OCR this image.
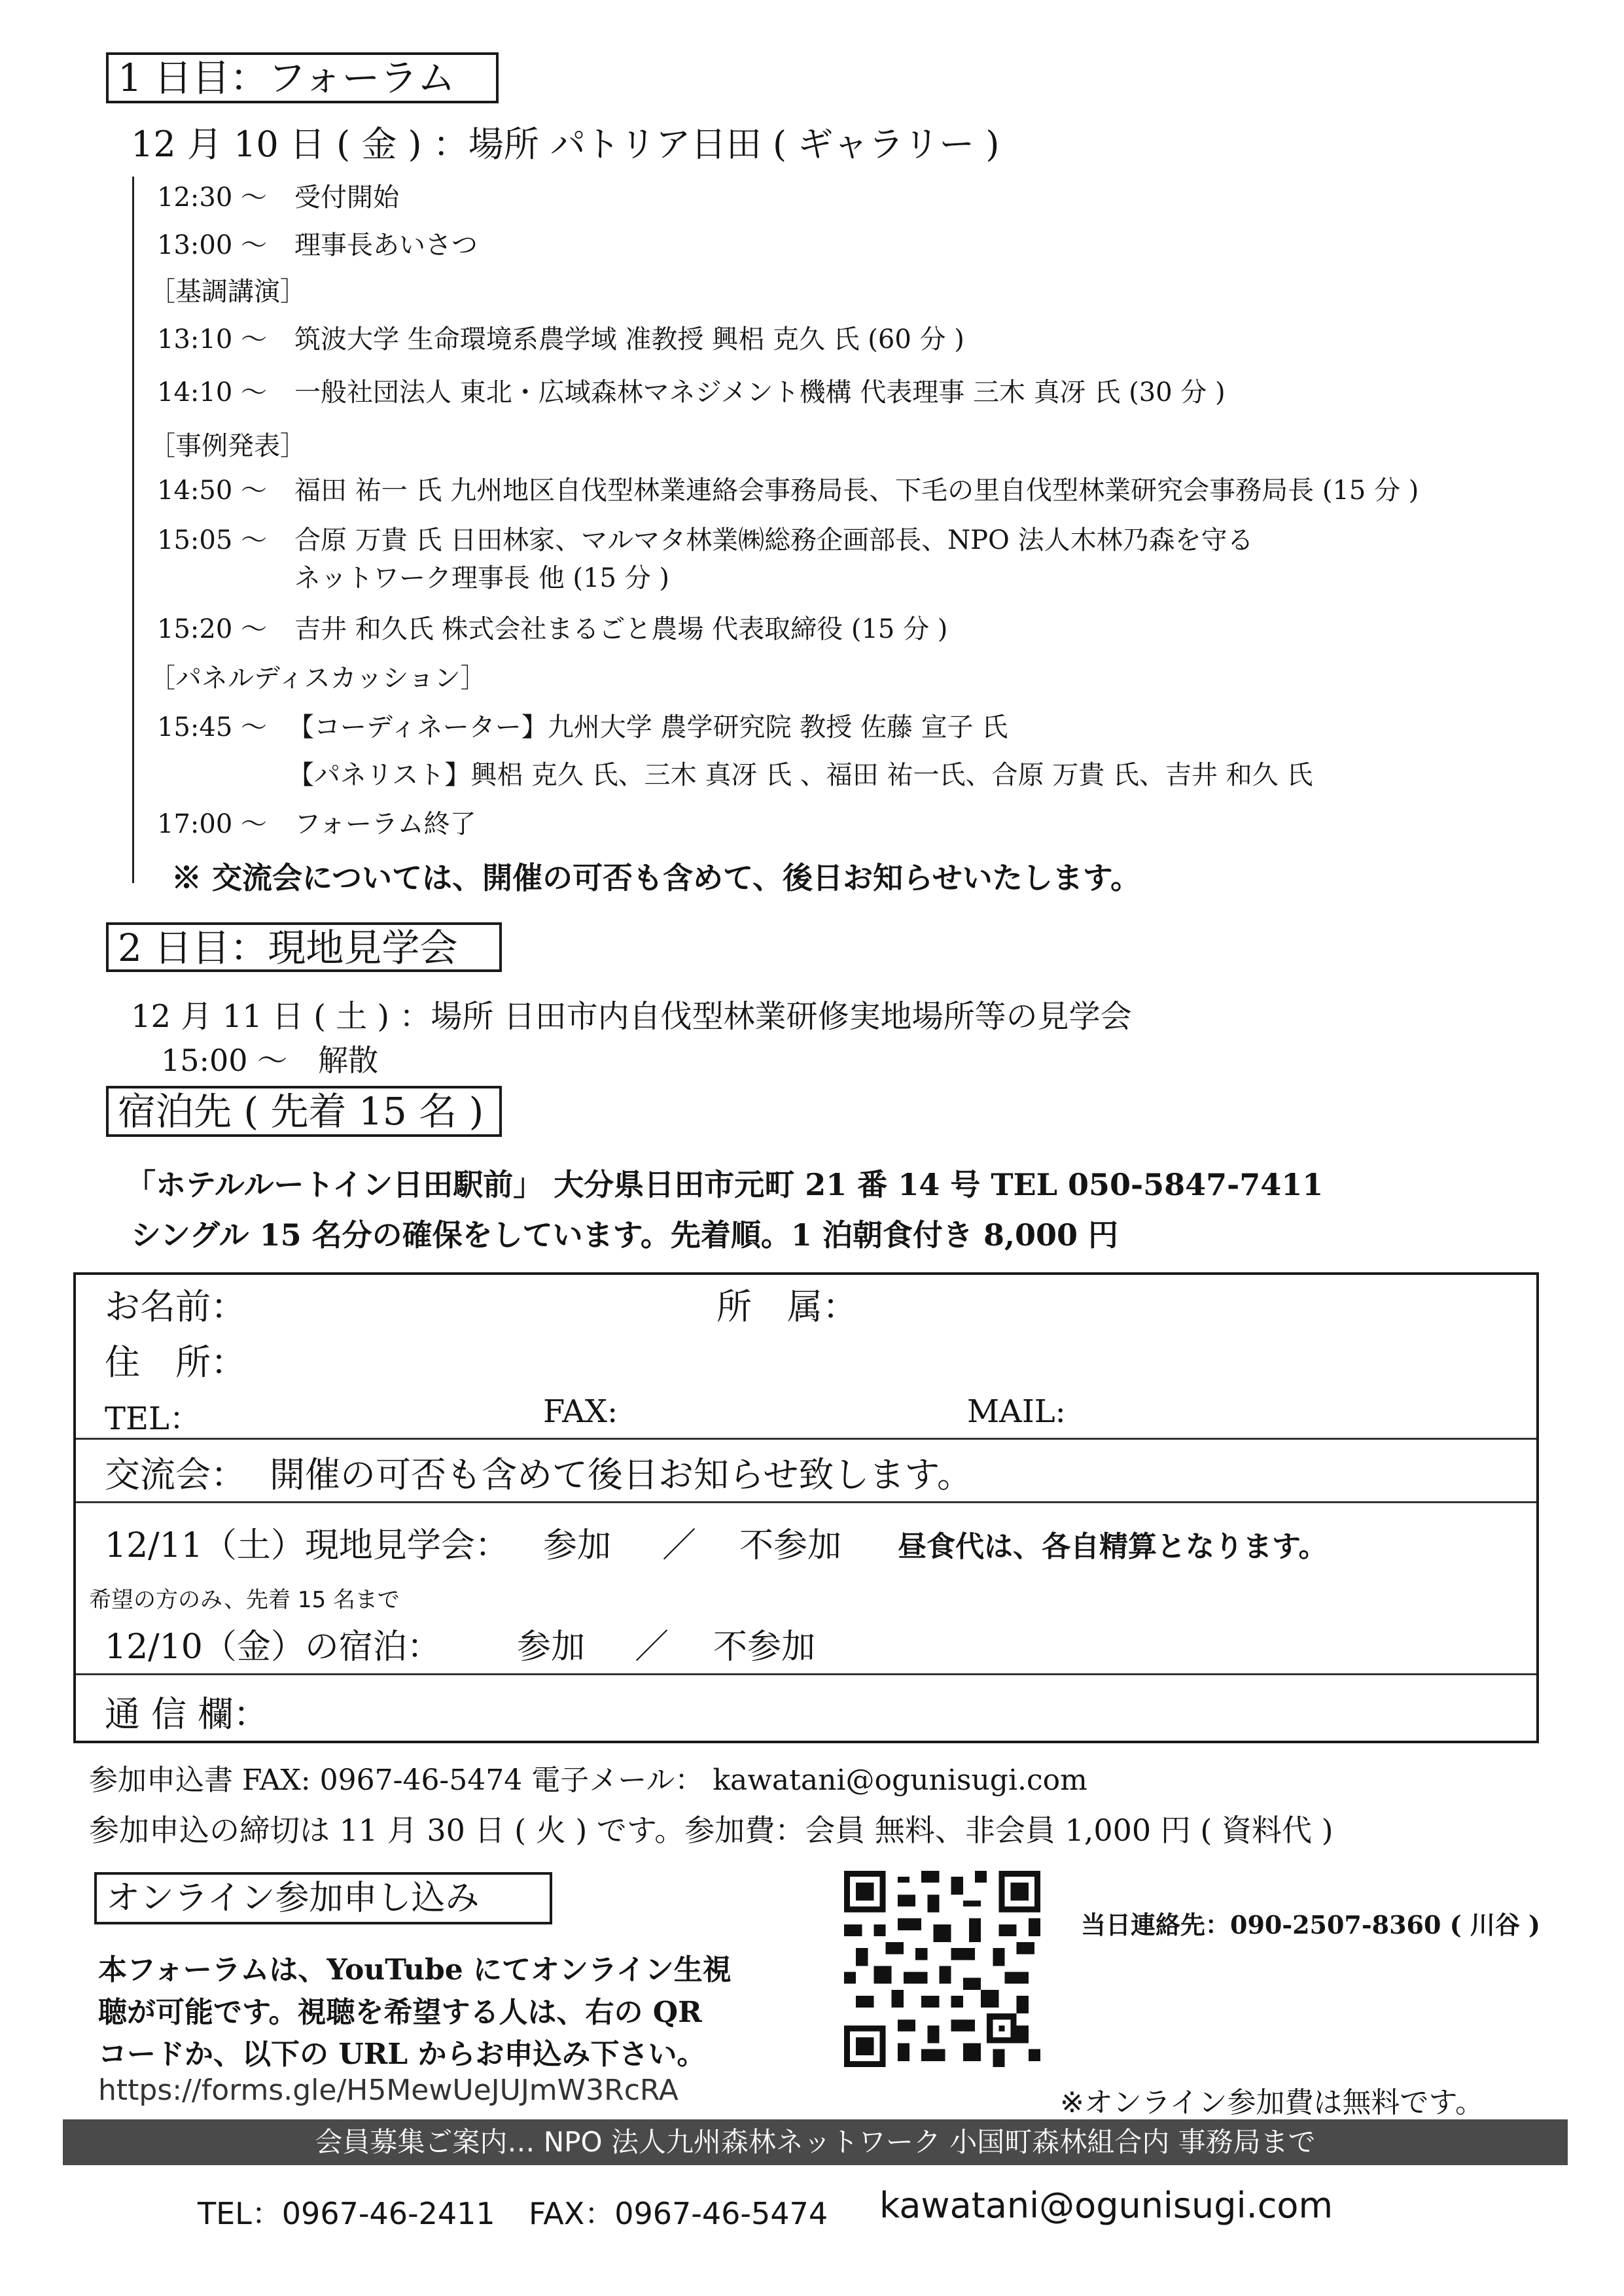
1 日目：フォーラム
12 月 10 日 ( 金 ) ：場所 パトリア日田 ( ギャラリー )
12:30 ～	受付開始
13:00 ～	理事長あいさつ
［基調講演］
13:10 ～	筑波大学 生命環境系農学域 准教授 興梠 克久 氏 (60 分 )
14:10 ～	一般社団法人 東北・広域森林マネジメント機構 代表理事 三木 真冴 氏 (30 分 )
［事例発表］
14:50 ～	福田 祐一 氏 九州地区自伐型林業連絡会事務局長、下毛の里自伐型林業研究会事務局長 (15 分 )
15:05 ～	合原 万貴 氏 日田林家、マルマタ林業㈱総務企画部長、NPO 法人木林乃森を守る
ネットワーク理事長 他 (15 分 )
15:20 ～	吉井 和久氏 株式会社まるごと農場 代表取締役 (15 分 )
［パネルディスカッション］
15:45 ～ 【コーディネーター】九州大学 農学研究院 教授 佐藤 宣子 氏
【パネリスト】興梠 克久 氏、三木 真冴 氏 、福田 祐一氏、合原 万貴 氏、吉井 和久 氏
17:00 ～	フォーラム終了
※ 交流会については、開催の可否も含めて、後日お知らせいたします。
2 日目：現地見学会
12 月 11 日 ( 土 ) ：場所 日田市内自伐型林業研修実地場所等の見学会
15:00 ～ 解散
宿泊先 ( 先着 15 名 )
「ホテルルートイン日田駅前」 大分県日田市元町 21 番 14 号 TEL 050-5847-7411
シングル 15 名分の確保をしています。先着順。1 泊朝食付き 8,000 円
お名前：	所　属：
住　所：
TEL：	FAX:	MAIL:
交流会： 開催の可否も含めて後日お知らせ致します。
12/11（土）現地見学会： 参加 ／ 不参加 昼食代は、各自精算となります。
希望の方のみ、先着 15 名まで
12/10（金）の宿泊： 参加 ／ 不参加
通 信 欄：
参加申込書 FAX: 0967-46-5474 電子メール： kawatani@ogunisugi.com
参加申込の締切は 11 月 30 日 ( 火 ) です。参加費：会員 無料、非会員 1,000 円 ( 資料代 )
オンライン参加申し込み
本フォーラムは、YouTube にてオンライン生視
聴が可能です。視聴を希望する人は、右の QR
コードか、以下の URL からお申込み下さい。
https://forms.gle/H5MewUeJUJmW3RcRA
当日連絡先：090-2507-8360 ( 川谷 )
※オンライン参加費は無料です。
会員募集ご案内… NPO 法人九州森林ネットワーク 小国町森林組合内 事務局まで
TEL：0967-46-2411 FAX：0967-46-5474 kawatani@ogunisugi.com
